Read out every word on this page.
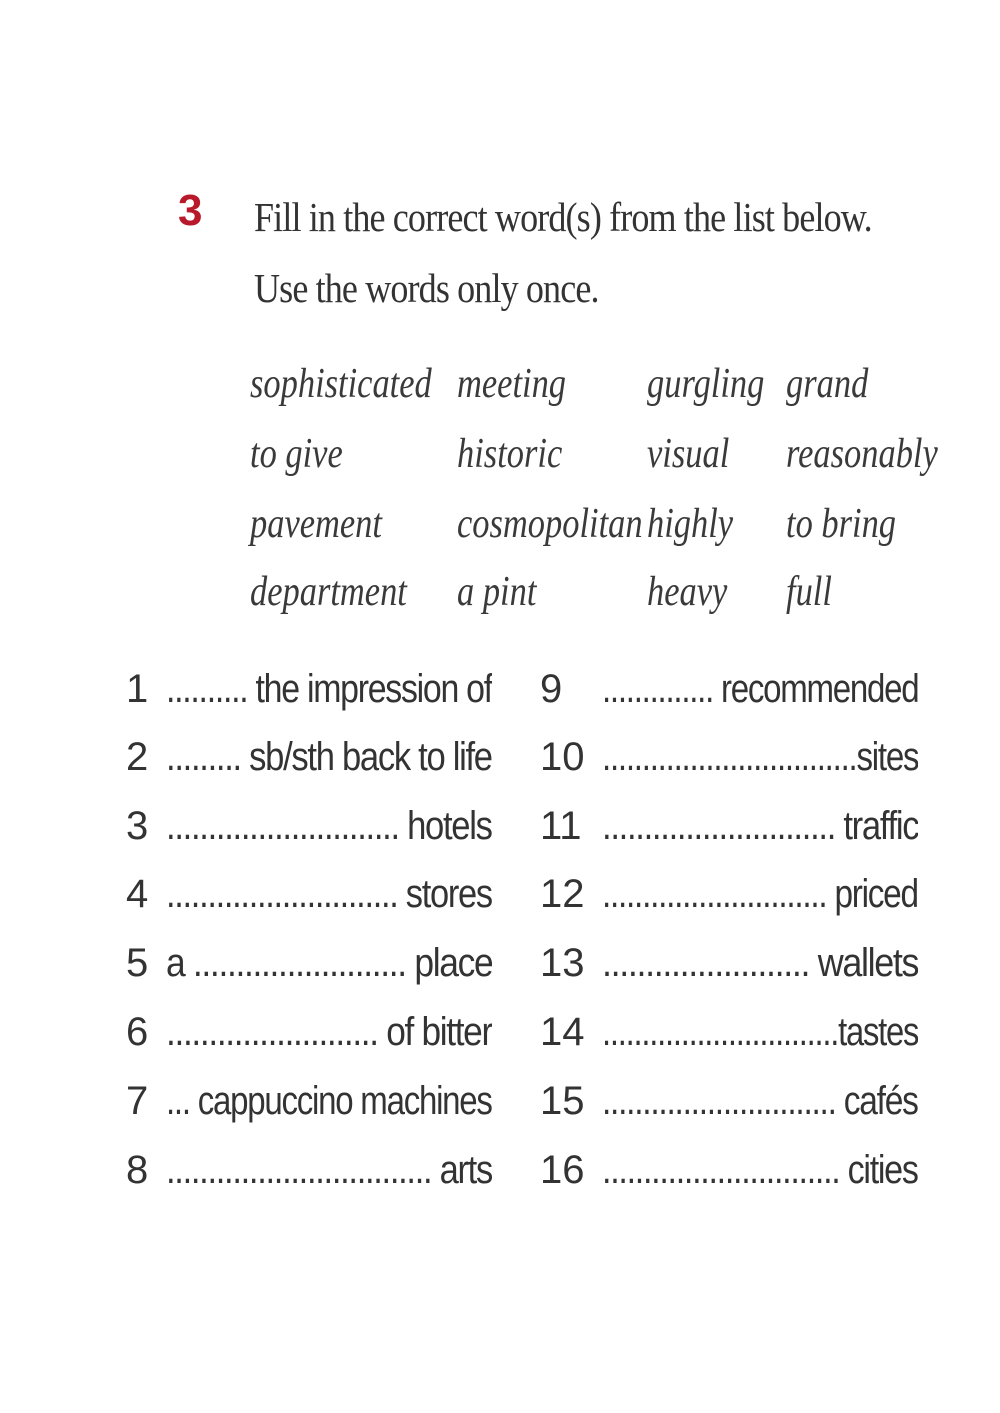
3 Fill in the correct word(s) from the list below.

Use the words only once.

sophisticated meeting gurgling grand
to give	historic visual reasonably
pavement cosmopolitan highly to bring
department a pint	heavy full
1 .......... the impression of
2 ......... sb/sth back to life
3 ............................ hotels
4 ............................ stores
5 a ......................... place
6 ......................... of bitter
7 ... cappuccino machines
8 ................................ arts
9 .............. recommended
10 ................................sites
11 ............................ traffic
12 ............................ priced
13 ........................ wallets
14 ..............................tastes
15 ............................. cafés
16 ............................. cities
